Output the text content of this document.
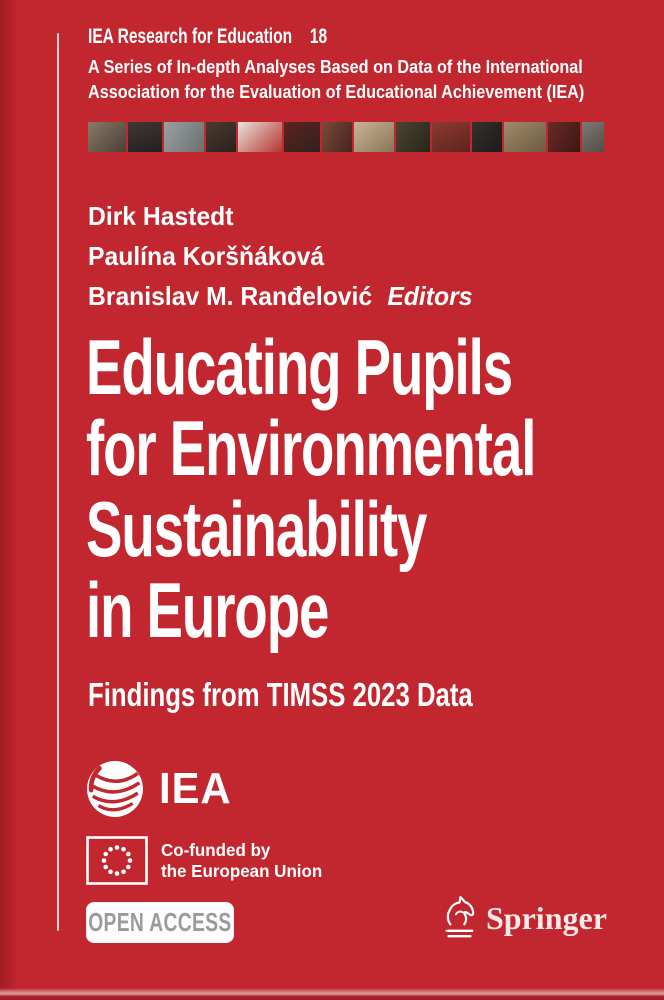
IEA Research for Education 18
A Series of In-depth Analyses Based on Data of the International
Association for the Evaluation of Educational Achievement (IEA)
Dirk Hastedt
Paulína Koršňáková
Branislav M. Ranđelović Editors
Educating Pupils
for Environmental
Sustainability
in Europe
Findings from TIMSS 2023 Data
IEA
Co-funded by
the European Union
OPEN ACCESS	Springer
